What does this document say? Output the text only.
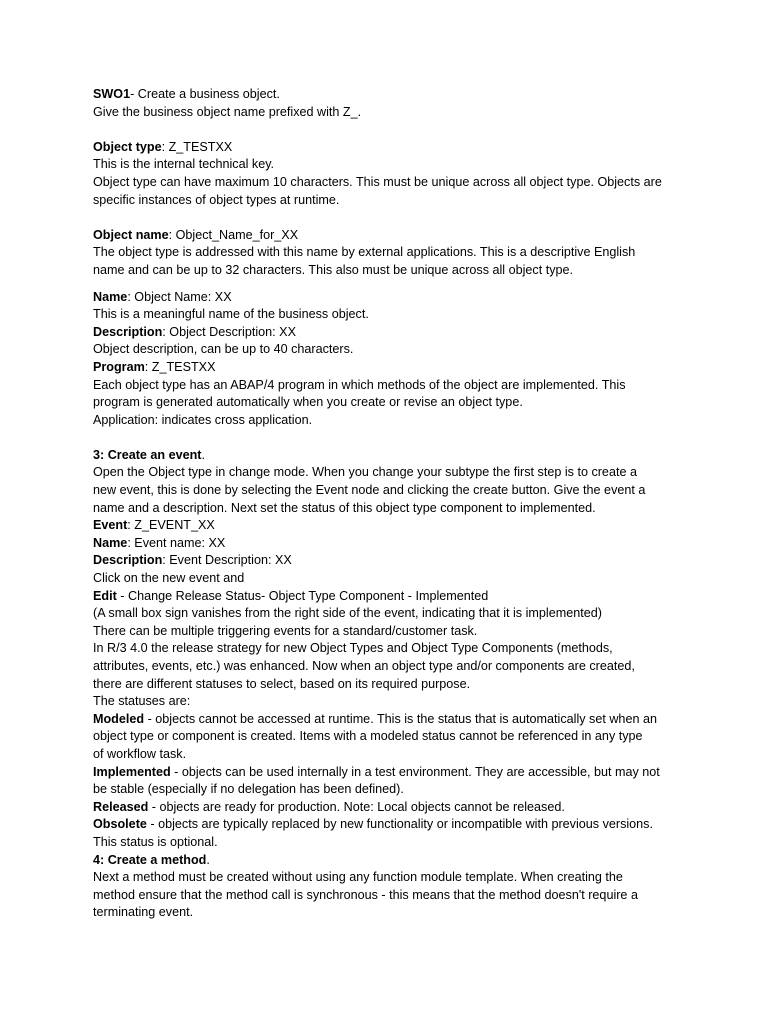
SWO1- Create a business object.
Give the business object name prefixed with Z_.
Object type: Z_TESTXX
This is the internal technical key.
Object type can have maximum 10 characters. This must be unique across all object type. Objects are
specific instances of object types at runtime.
Object name: Object_Name_for_XX
The object type is addressed with this name by external applications. This is a descriptive English
name and can be up to 32 characters. This also must be unique across all object type.
Name: Object Name: XX
This is a meaningful name of the business object.
Description: Object Description: XX
Object description, can be up to 40 characters.
Program: Z_TESTXX
Each object type has an ABAP/4 program in which methods of the object are implemented. This
program is generated automatically when you create or revise an object type.
Application: indicates cross application.
3: Create an event.
Open the Object type in change mode. When you change your subtype the first step is to create a
new event, this is done by selecting the Event node and clicking the create button. Give the event a
name and a description. Next set the status of this object type component to implemented.
Event: Z_EVENT_XX
Name: Event name: XX
Description: Event Description: XX
Click on the new event and
Edit - Change Release Status- Object Type Component - Implemented
(A small box sign vanishes from the right side of the event, indicating that it is implemented)
There can be multiple triggering events for a standard/customer task.
In R/3 4.0 the release strategy for new Object Types and Object Type Components (methods,
attributes, events, etc.) was enhanced. Now when an object type and/or components are created,
there are different statuses to select, based on its required purpose.
The statuses are:
Modeled - objects cannot be accessed at runtime. This is the status that is automatically set when an
object type or component is created. Items with a modeled status cannot be referenced in any type
of workflow task.
Implemented - objects can be used internally in a test environment. They are accessible, but may not
be stable (especially if no delegation has been defined).
Released - objects are ready for production. Note: Local objects cannot be released.
Obsolete - objects are typically replaced by new functionality or incompatible with previous versions.
This status is optional.
4: Create a method.
Next a method must be created without using any function module template. When creating the
method ensure that the method call is synchronous - this means that the method doesn't require a
terminating event.
